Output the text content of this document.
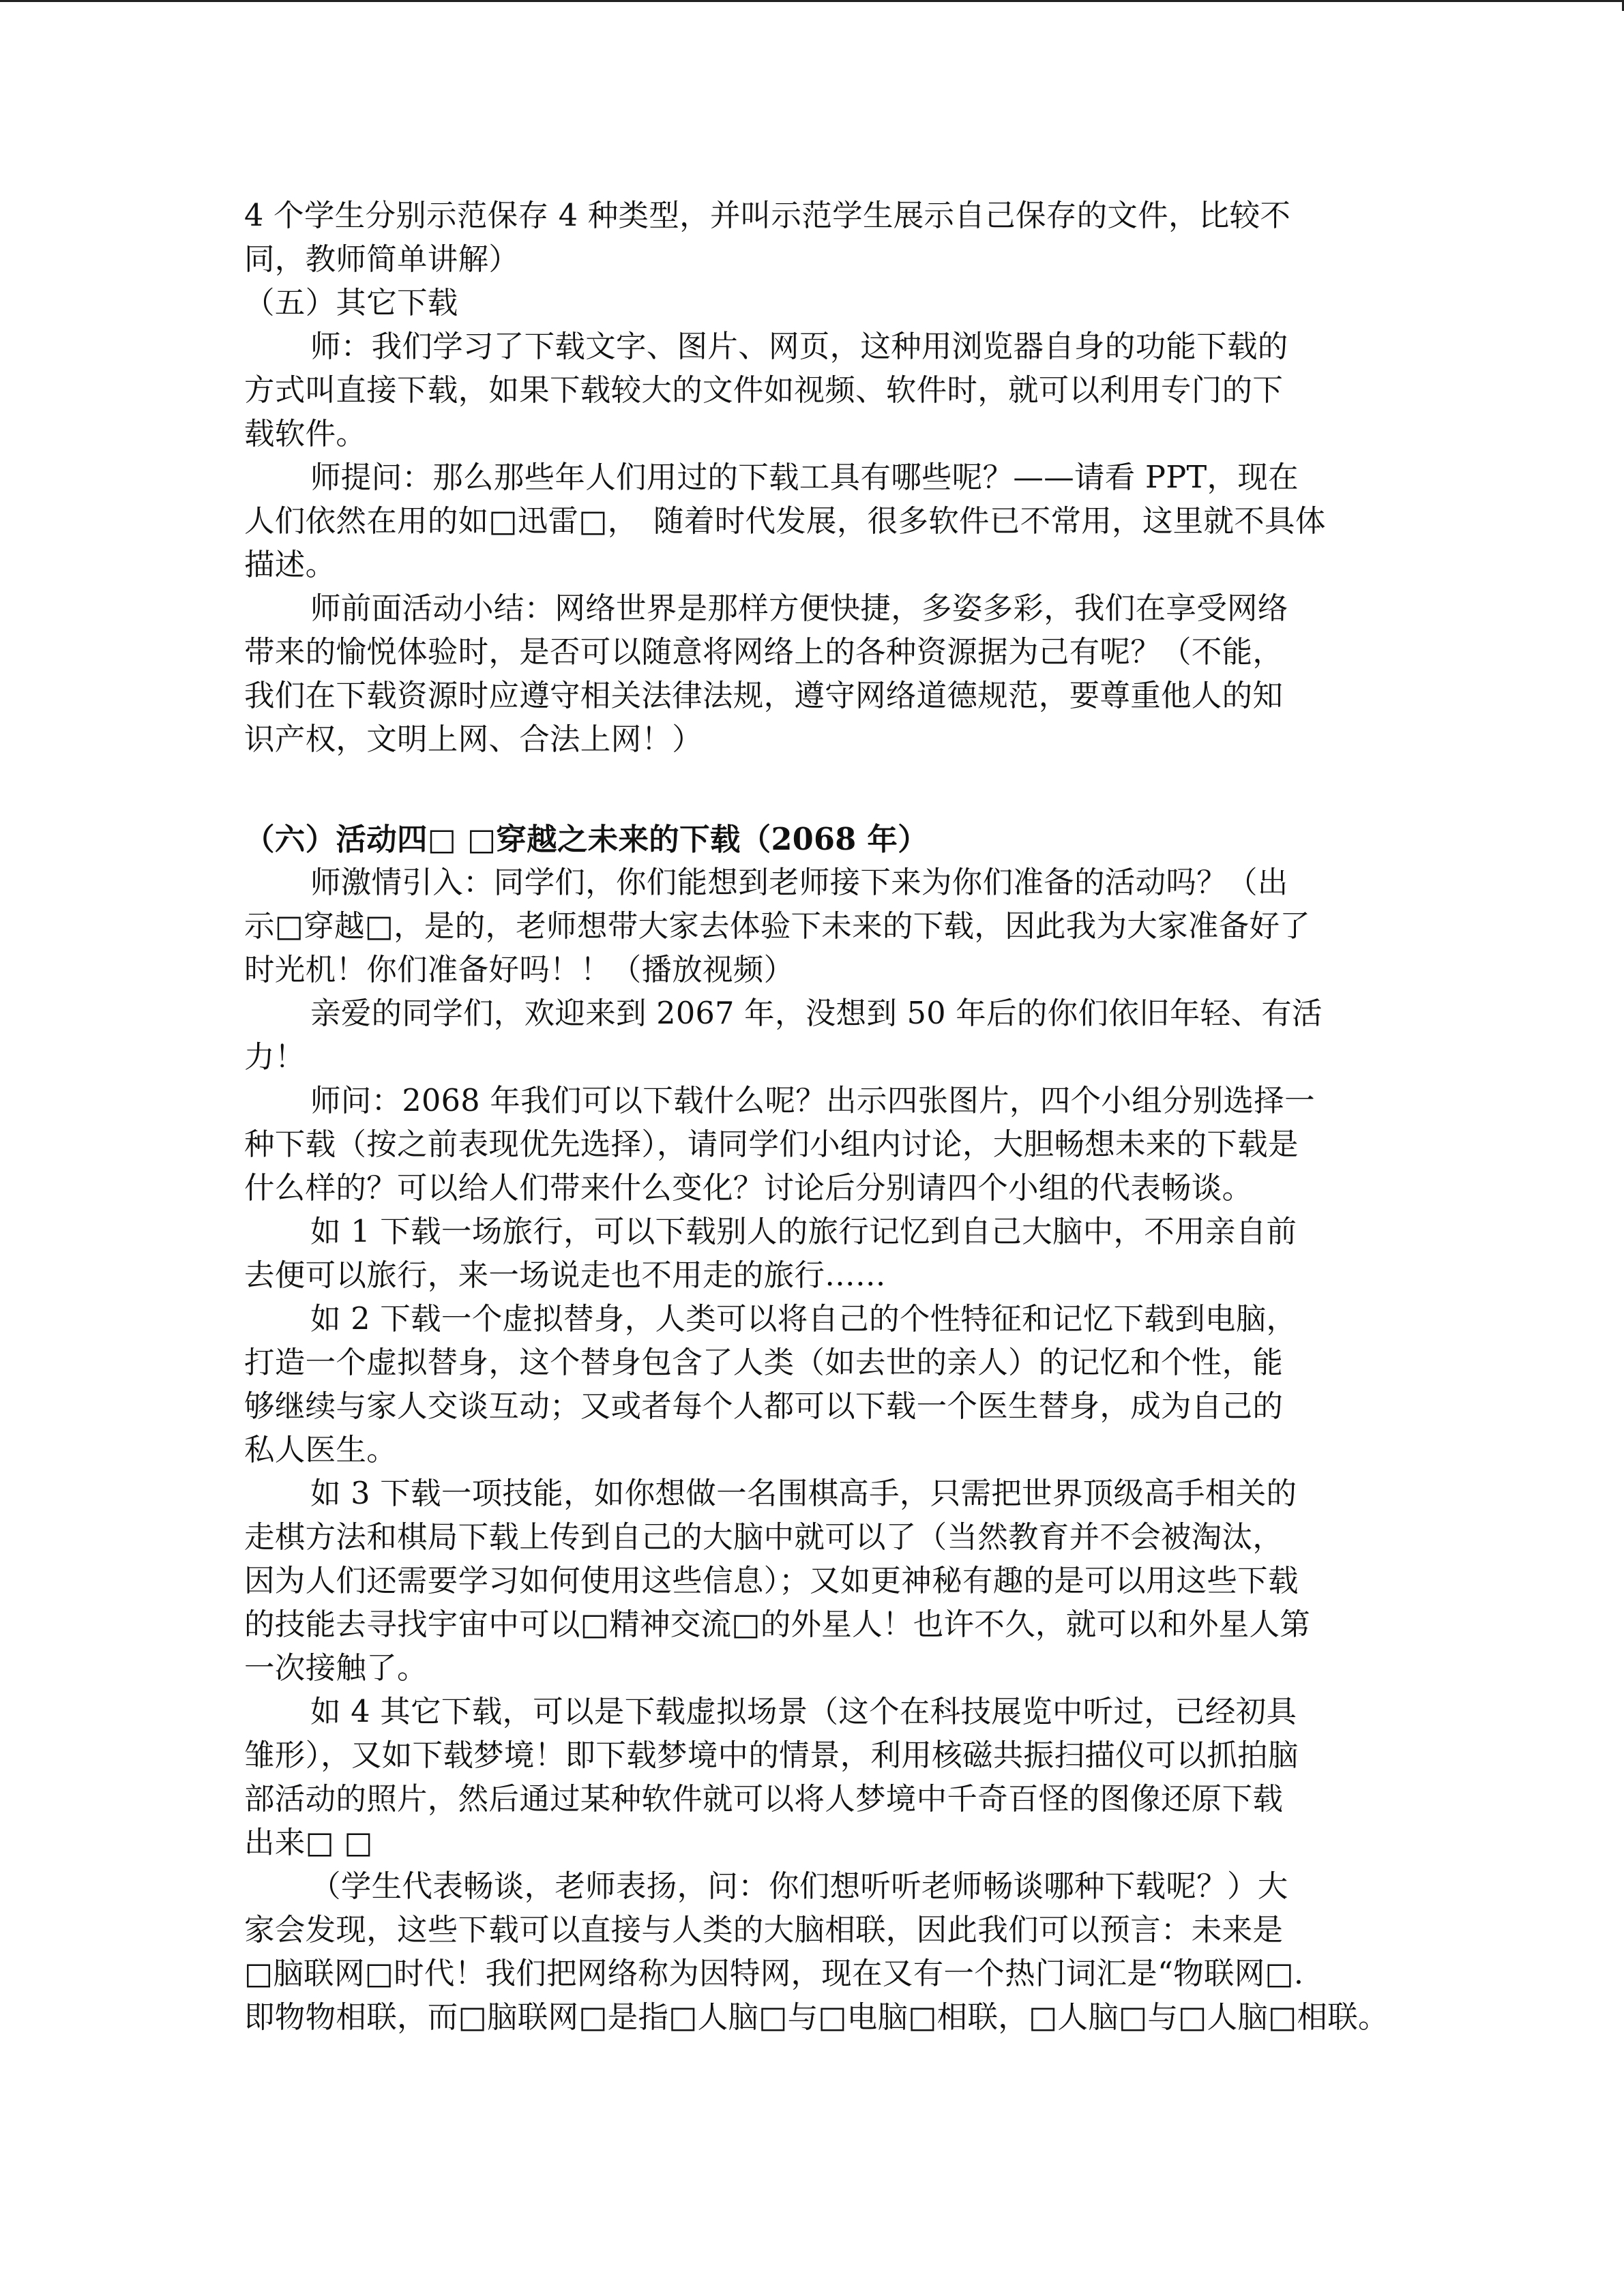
4 个学生分别示范保存 4 种类型，并叫示范学生展示自己保存的文件，比较不
同，教师简单讲解）
（五）其它下载
师：我们学习了下载文字、图片、网页，这种用浏览器自身的功能下载的
方式叫直接下载，如果下载较大的文件如视频、软件时，就可以利用专门的下
载软件。
师提问：那么那些年人们用过的下载工具有哪些呢？——请看 PPT，现在
人们依然在用的如□迅雷□，　随着时代发展，很多软件已不常用，这里就不具体
描述。
师前面活动小结：网络世界是那样方便快捷，多姿多彩，我们在享受网络
带来的愉悦体验时，是否可以随意将网络上的各种资源据为己有呢？（不能，
我们在下载资源时应遵守相关法律法规，遵守网络道德规范，要尊重他人的知
识产权，文明上网、合法上网！）
（六）活动四□ □穿越之未来的下载（2068 年）
师激情引入：同学们，你们能想到老师接下来为你们准备的活动吗？（出
示□穿越□，是的，老师想带大家去体验下未来的下载，因此我为大家准备好了
时光机！你们准备好吗！！（播放视频）
亲爱的同学们，欢迎来到 2067 年，没想到 50 年后的你们依旧年轻、有活
力！
师问：2068 年我们可以下载什么呢？出示四张图片，四个小组分别选择一
种下载（按之前表现优先选择），请同学们小组内讨论，大胆畅想未来的下载是
什么样的？可以给人们带来什么变化？讨论后分别请四个小组的代表畅谈。
如 1 下载一场旅行，可以下载别人的旅行记忆到自己大脑中，不用亲自前
去便可以旅行，来一场说走也不用走的旅行……
如 2 下载一个虚拟替身，人类可以将自己的个性特征和记忆下载到电脑，
打造一个虚拟替身，这个替身包含了人类（如去世的亲人）的记忆和个性，能
够继续与家人交谈互动；又或者每个人都可以下载一个医生替身，成为自己的
私人医生。
如 3 下载一项技能，如你想做一名围棋高手，只需把世界顶级高手相关的
走棋方法和棋局下载上传到自己的大脑中就可以了（当然教育并不会被淘汰，
因为人们还需要学习如何使用这些信息）；又如更神秘有趣的是可以用这些下载
的技能去寻找宇宙中可以□精神交流□的外星人！也许不久，就可以和外星人第
一次接触了。
如 4 其它下载，可以是下载虚拟场景（这个在科技展览中听过，已经初具
雏形），又如下载梦境！即下载梦境中的情景，利用核磁共振扫描仪可以抓拍脑
部活动的照片，然后通过某种软件就可以将人梦境中千奇百怪的图像还原下载
出来□ □
（学生代表畅谈，老师表扬，问：你们想听听老师畅谈哪种下载呢？）大
家会发现，这些下载可以直接与人类的大脑相联，因此我们可以预言：未来是
□脑联网□时代！我们把网络称为因特网，现在又有一个热门词汇是“物联网□.
即物物相联，而□脑联网□是指□人脑□与□电脑□相联，□人脑□与□人脑□相联。
